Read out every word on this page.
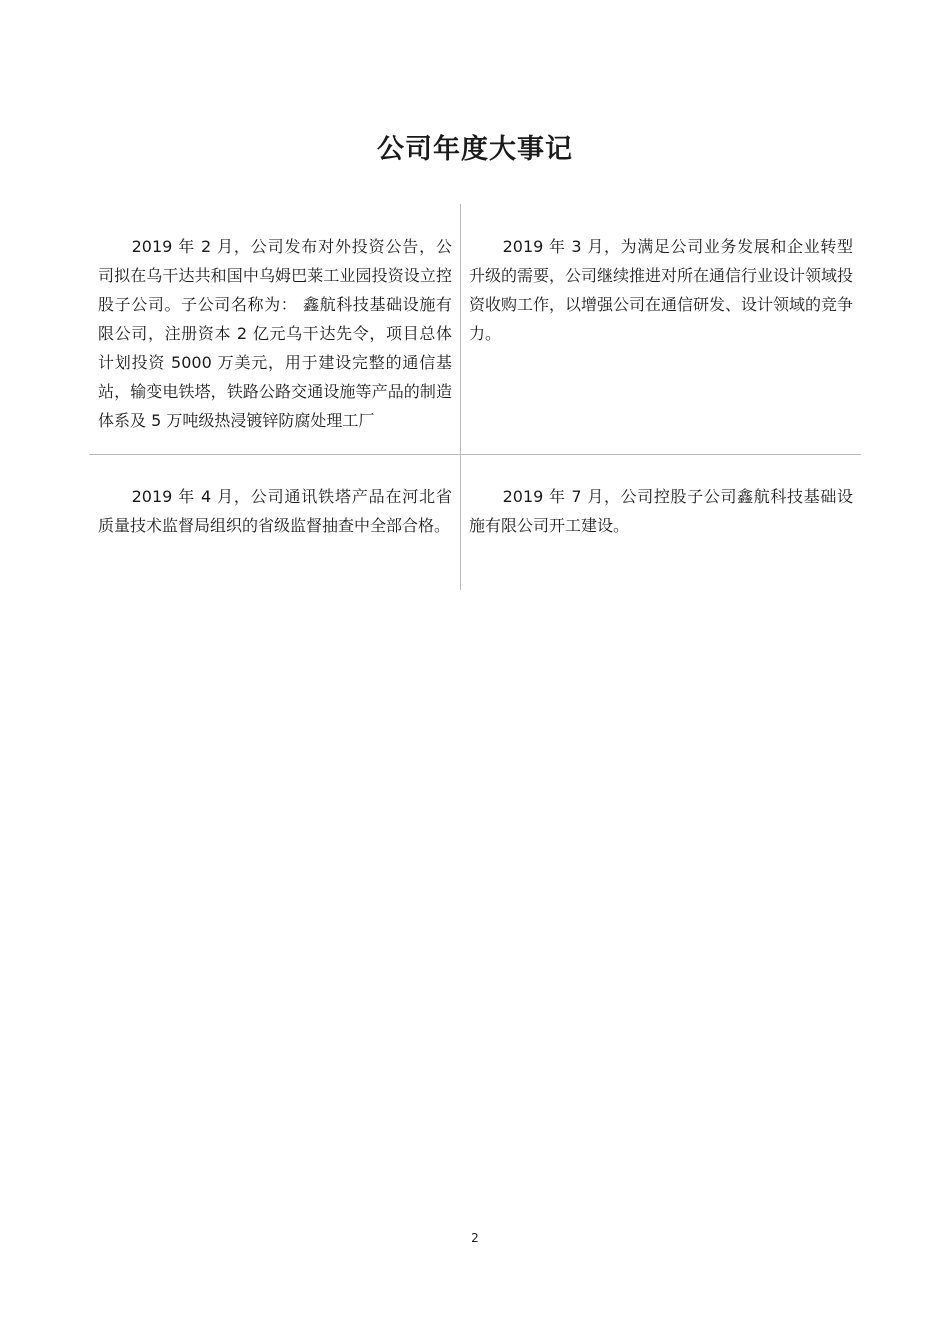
公司年度大事记
2019 年 2 月，公司发布对外投资公告，公司拟在乌干达共和国中乌姆巴莱工业园投资设立控股子公司。子公司名称为： 鑫航科技基础设施有限公司，注册资本 2 亿元乌干达先令，项目总体计划投资 5000 万美元，用于建设完整的通信基站，输变电铁塔，铁路公路交通设施等产品的制造体系及 5 万吨级热浸镀锌防腐处理工厂
2019 年 3 月，为满足公司业务发展和企业转型升级的需要，公司继续推进对所在通信行业设计领域投资收购工作，以增强公司在通信研发、设计领域的竞争力。
2019 年 4 月，公司通讯铁塔产品在河北省质量技术监督局组织的省级监督抽查中全部合格。
2019 年 7 月，公司控股子公司鑫航科技基础设施有限公司开工建设。
2
